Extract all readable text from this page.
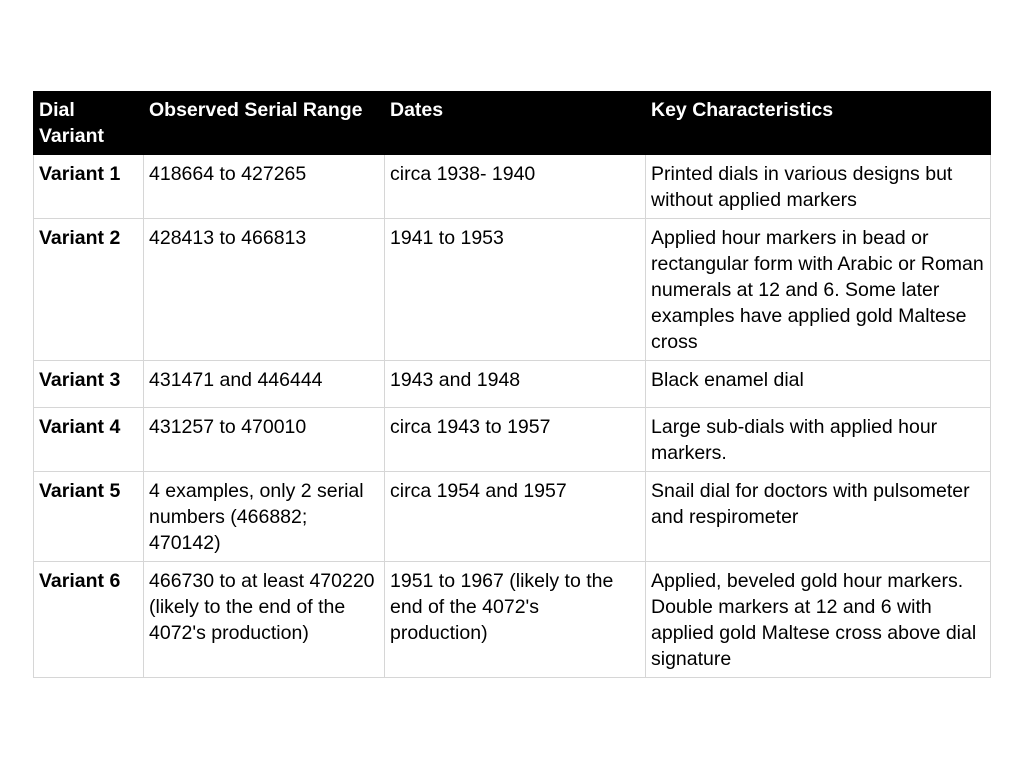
Dial Variant	Observed Serial Range	Dates	Key Characteristics
Variant 1	418664 to 427265	circa 1938- 1940	Printed dials in various designs but without applied markers
Variant 2	428413 to 466813	1941 to 1953	Applied hour markers in bead or rectangular form with Arabic or Roman numerals at 12 and 6. Some later examples have applied gold Maltese cross
Variant 3	431471 and 446444	1943 and 1948	Black enamel dial
Variant 4	431257 to 470010	circa 1943 to 1957	Large sub-dials with applied hour markers.
Variant 5	4 examples, only 2 serial numbers (466882; 470142)	circa 1954 and 1957	Snail dial for doctors with pulsometer and respirometer
Variant 6	466730 to at least 470220 (likely to the end of the 4072's production)	1951 to 1967 (likely to the end of the 4072's production)	Applied, beveled gold hour markers. Double markers at 12 and 6 with applied gold Maltese cross above dial signature
